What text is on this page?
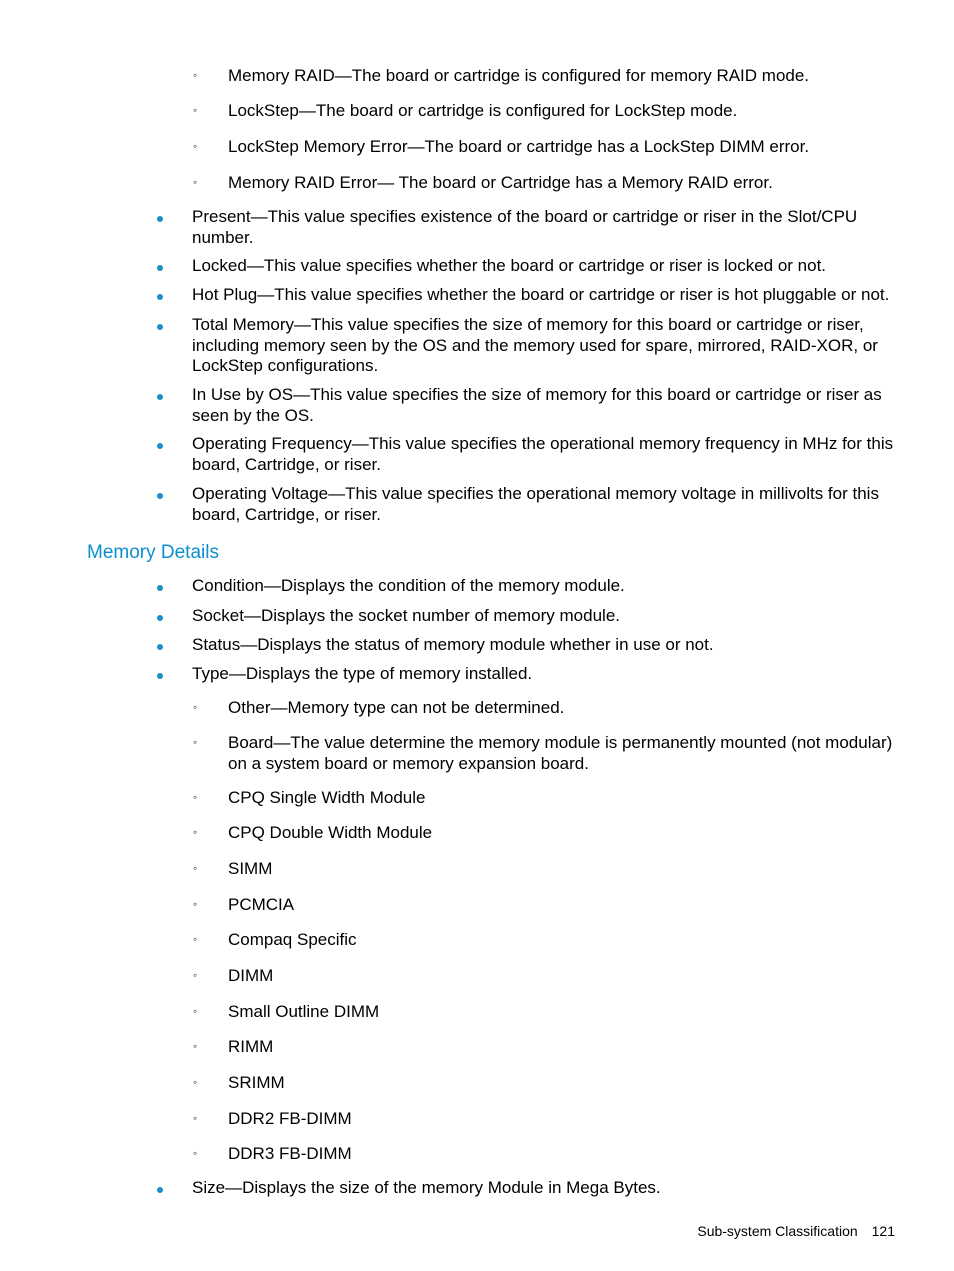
◦ Memory RAID—The board or cartridge is configured for memory RAID mode.
◦ LockStep—The board or cartridge is configured for LockStep mode.
◦ LockStep Memory Error—The board or cartridge has a LockStep DIMM error.
◦ Memory RAID Error— The board or Cartridge has a Memory RAID error.
Present—This value specifies existence of the board or cartridge or riser in the Slot/CPU number.
Locked—This value specifies whether the board or cartridge or riser is locked or not.
Hot Plug—This value specifies whether the board or cartridge or riser is hot pluggable or not.
Total Memory—This value specifies the size of memory for this board or cartridge or riser, including memory seen by the OS and the memory used for spare, mirrored, RAID-XOR, or LockStep configurations.
In Use by OS—This value specifies the size of memory for this board or cartridge or riser as seen by the OS.
Operating Frequency—This value specifies the operational memory frequency in MHz for this board, Cartridge, or riser.
Operating Voltage—This value specifies the operational memory voltage in millivolts for this board, Cartridge, or riser.
Memory Details
Condition—Displays the condition of the memory module.
Socket—Displays the socket number of memory module.
Status—Displays the status of memory module whether in use or not.
Type—Displays the type of memory installed.
◦ Other—Memory type can not be determined.
◦ Board—The value determine the memory module is permanently mounted (not modular) on a system board or memory expansion board.
◦ CPQ Single Width Module
◦ CPQ Double Width Module
◦ SIMM
◦ PCMCIA
◦ Compaq Specific
◦ DIMM
◦ Small Outline DIMM
◦ RIMM
◦ SRIMM
◦ DDR2 FB-DIMM
◦ DDR3 FB-DIMM
Size—Displays the size of the memory Module in Mega Bytes.
Sub-system Classification 121
